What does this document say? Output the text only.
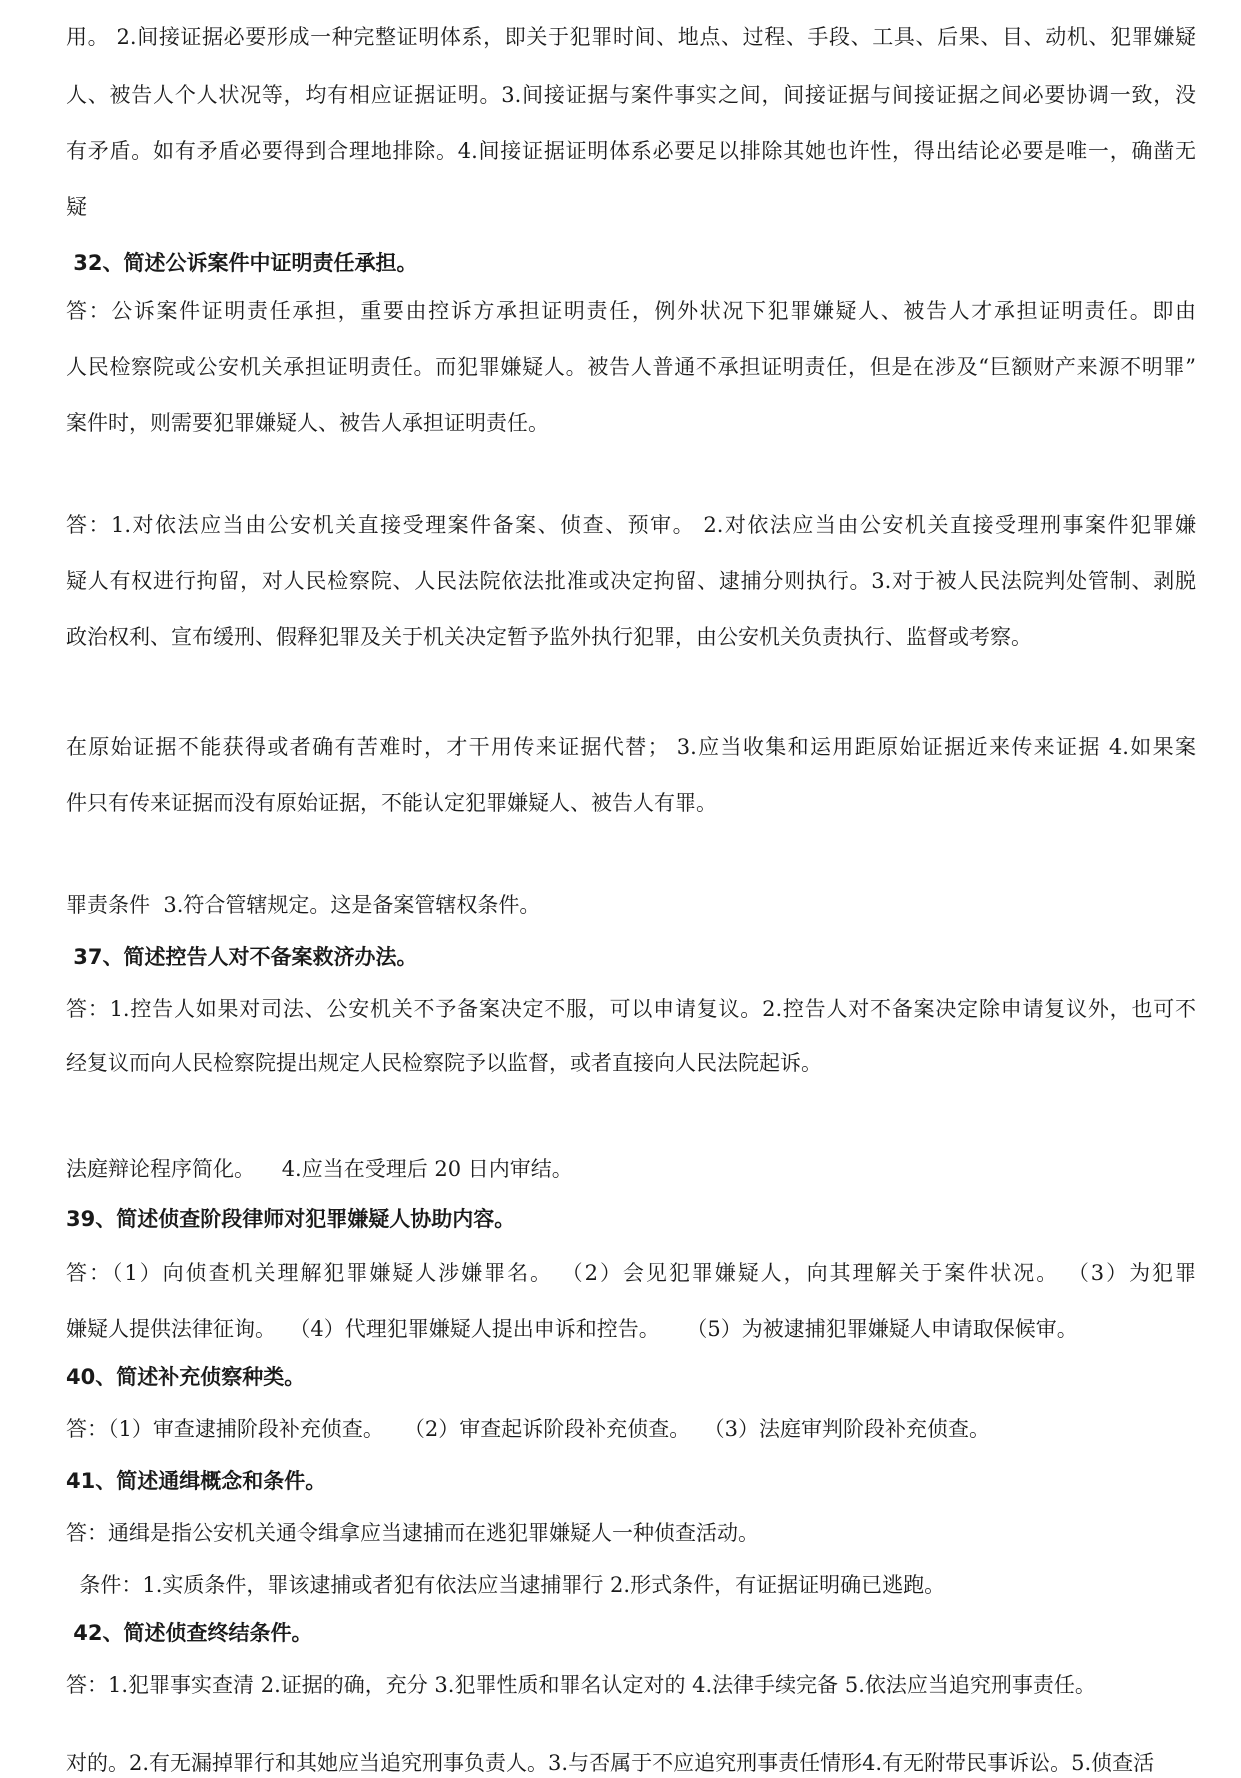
用。 2.间接证据必要形成一种完整证明体系，即关于犯罪时间、地点、过程、手段、工具、后果、目、动机、犯罪嫌疑
人、被告人个人状况等，均有相应证据证明。3.间接证据与案件事实之间，间接证据与间接证据之间必要协调一致，没
有矛盾。如有矛盾必要得到合理地排除。4.间接证据证明体系必要足以排除其她也许性，得出结论必要是唯一，确凿无
疑
32、简述公诉案件中证明责任承担。
答：公诉案件证明责任承担，重要由控诉方承担证明责任，例外状况下犯罪嫌疑人、被告人才承担证明责任。即由
人民检察院或公安机关承担证明责任。而犯罪嫌疑人。被告人普通不承担证明责任，但是在涉及“巨额财产来源不明罪”
案件时，则需要犯罪嫌疑人、被告人承担证明责任。

答：1.对依法应当由公安机关直接受理案件备案、侦查、预审。 2.对依法应当由公安机关直接受理刑事案件犯罪嫌
疑人有权进行拘留，对人民检察院、人民法院依法批准或决定拘留、逮捕分则执行。3.对于被人民法院判处管制、剥脱
政治权利、宣布缓刑、假释犯罪及关于机关决定暂予监外执行犯罪，由公安机关负责执行、监督或考察。

在原始证据不能获得或者确有苦难时，才干用传来证据代替； 3.应当收集和运用距原始证据近来传来证据 4.如果案
件只有传来证据而没有原始证据，不能认定犯罪嫌疑人、被告人有罪。

罪责条件  3.符合管辖规定。这是备案管辖权条件。
37、简述控告人对不备案救济办法。
答：1.控告人如果对司法、公安机关不予备案决定不服，可以申请复议。2.控告人对不备案决定除申请复议外，也可不
经复议而向人民检察院提出规定人民检察院予以监督，或者直接向人民法院起诉。

法庭辩论程序简化。    4.应当在受理后 20 日内审结。
39、简述侦查阶段律师对犯罪嫌疑人协助内容。
答：（1）向侦查机关理解犯罪嫌疑人涉嫌罪名。 （2）会见犯罪嫌疑人，向其理解关于案件状况。 （3）为犯罪
嫌疑人提供法律征询。  （4）代理犯罪嫌疑人提出申诉和控告。    （5）为被逮捕犯罪嫌疑人申请取保候审。
40、简述补充侦察种类。
答：（1）审查逮捕阶段补充侦查。   （2）审查起诉阶段补充侦查。  （3）法庭审判阶段补充侦查。
41、简述通缉概念和条件。
答：通缉是指公安机关通令缉拿应当逮捕而在逃犯罪嫌疑人一种侦查活动。
条件：1.实质条件，罪该逮捕或者犯有依法应当逮捕罪行 2.形式条件，有证据证明确已逃跑。
42、简述侦查终结条件。
答：1.犯罪事实查清 2.证据的确，充分 3.犯罪性质和罪名认定对的 4.法律手续完备 5.依法应当追究刑事责任。

对的。2.有无漏掉罪行和其她应当追究刑事负责人。3.与否属于不应追究刑事责任情形4.有无附带民事诉讼。5.侦查活
